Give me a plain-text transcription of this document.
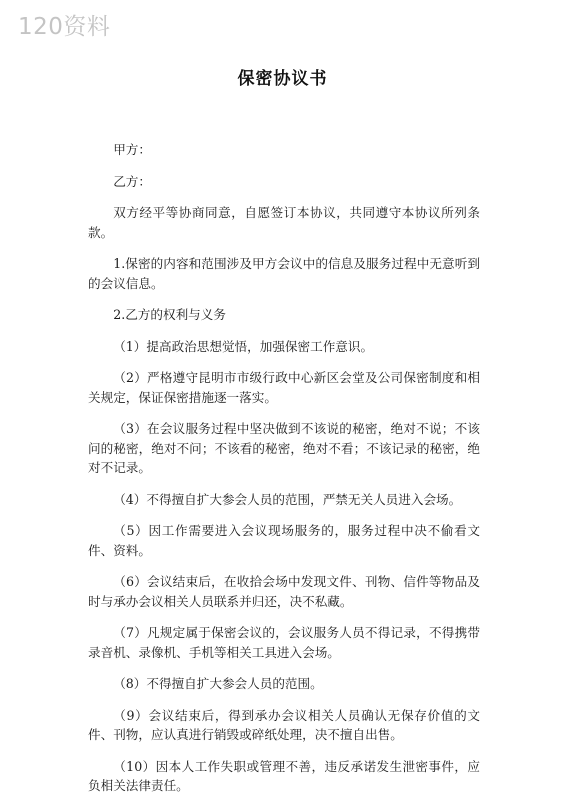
120资料
保密协议书

甲方：

乙方：

双方经平等协商同意，自愿签订本协议，共同遵守本协议所列条款。

1.保密的内容和范围涉及甲方会议中的信息及服务过程中无意听到的会议信息。

2.乙方的权利与义务

（1）提高政治思想觉悟，加强保密工作意识。

（2）严格遵守昆明市市级行政中心新区会堂及公司保密制度和相关规定，保证保密措施逐一落实。

（3）在会议服务过程中坚决做到不该说的秘密，绝对不说；不该问的秘密，绝对不问；不该看的秘密，绝对不看；不该记录的秘密，绝对不记录。

（4）不得擅自扩大参会人员的范围，严禁无关人员进入会场。

（5）因工作需要进入会议现场服务的，服务过程中决不偷看文件、资料。

（6）会议结束后，在收拾会场中发现文件、刊物、信件等物品及时与承办会议相关人员联系并归还，决不私藏。

（7）凡规定属于保密会议的，会议服务人员不得记录，不得携带录音机、录像机、手机等相关工具进入会场。

（8）不得擅自扩大参会人员的范围。

（9）会议结束后，得到承办会议相关人员确认无保存价值的文件、刊物，应认真进行销毁或碎纸处理，决不擅自出售。

（10）因本人工作失职或管理不善，违反承诺发生泄密事件，应负相关法律责任。
